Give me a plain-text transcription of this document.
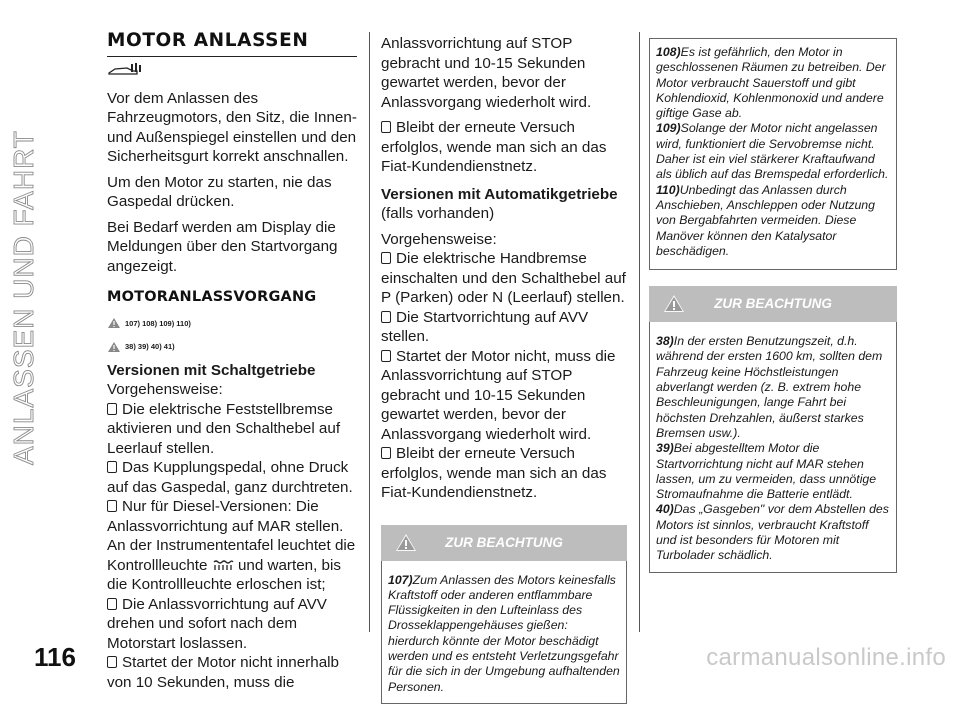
ANLASSEN UND FAHRT
116	carmanualsonline.info
MOTOR ANLASSEN

Vor dem Anlassen des Fahrzeugmotors, den Sitz, die Innen- und Außenspiegel einstellen und den Sicherheitsgurt korrekt anschnallen.

Um den Motor zu starten, nie das Gaspedal drücken.

Bei Bedarf werden am Display die Meldungen über den Startvorgang angezeigt.

MOTORANLASSVORGANG
107) 108) 109) 110)
38) 39) 40) 41)
Versionen mit Schaltgetriebe

Vorgehensweise:

Die elektrische Feststellbremse aktivieren und den Schalthebel auf Leerlauf stellen.

Das Kupplungspedal, ohne Druck auf das Gaspedal, ganz durchtreten.

Nur für Diesel-Versionen: Die Anlassvorrichtung auf MAR stellen. An der Instrumententafel leuchtet die Kontrollleuchte und warten, bis die Kontrollleuchte erloschen ist;

Die Anlassvorrichtung auf AVV drehen und sofort nach dem Motorstart loslassen.

Startet der Motor nicht innerhalb von 10 Sekunden, muss die

Anlassvorrichtung auf STOP gebracht und 10-15 Sekunden gewartet werden, bevor der Anlassvorgang wiederholt wird.

Bleibt der erneute Versuch erfolglos, wende man sich an das Fiat-Kundendienstnetz.

Versionen mit Automatikgetriebe

(falls vorhanden)

Vorgehensweise:

Die elektrische Handbremse einschalten und den Schalthebel auf P (Parken) oder N (Leerlauf) stellen.

Die Startvorrichtung auf AVV stellen.

Startet der Motor nicht, muss die Anlassvorrichtung auf STOP gebracht und 10-15 Sekunden gewartet werden, bevor der Anlassvorgang wiederholt wird.

Bleibt der erneute Versuch erfolglos, wende man sich an das Fiat-Kundendienstnetz.

ZUR BEACHTUNG
107)Zum Anlassen des Motors keinesfalls Kraftstoff oder anderen entflammbare Flüssigkeiten in den Lufteinlass des Drosseklappengehäuses gießen: hierdurch könnte der Motor beschädigt werden und es entsteht Verletzungsgefahr für die sich in der Umgebung aufhaltenden Personen.
108)Es ist gefährlich, den Motor in geschlossenen Räumen zu betreiben. Der Motor verbraucht Sauerstoff und gibt Kohlendioxid, Kohlenmonoxid und andere giftige Gase ab.
109)Solange der Motor nicht angelassen wird, funktioniert die Servobremse nicht. Daher ist ein viel stärkerer Kraftaufwand als üblich auf das Bremspedal erforderlich.
110)Unbedingt das Anlassen durch Anschieben, Anschleppen oder Nutzung von Bergabfahrten vermeiden. Diese Manöver können den Katalysator beschädigen.
ZUR BEACHTUNG
38)In der ersten Benutzungszeit, d.h. während der ersten 1600 km, sollten dem Fahrzeug keine Höchstleistungen abverlangt werden (z. B. extrem hohe Beschleunigungen, lange Fahrt bei höchsten Drehzahlen, äußerst starkes Bremsen usw.).
39)Bei abgestelltem Motor die Startvorrichtung nicht auf MAR stehen lassen, um zu vermeiden, dass unnötige Stromaufnahme die Batterie entlädt.
40)Das „Gasgeben" vor dem Abstellen des Motors ist sinnlos, verbraucht Kraftstoff und ist besonders für Motoren mit Turbolader schädlich.
